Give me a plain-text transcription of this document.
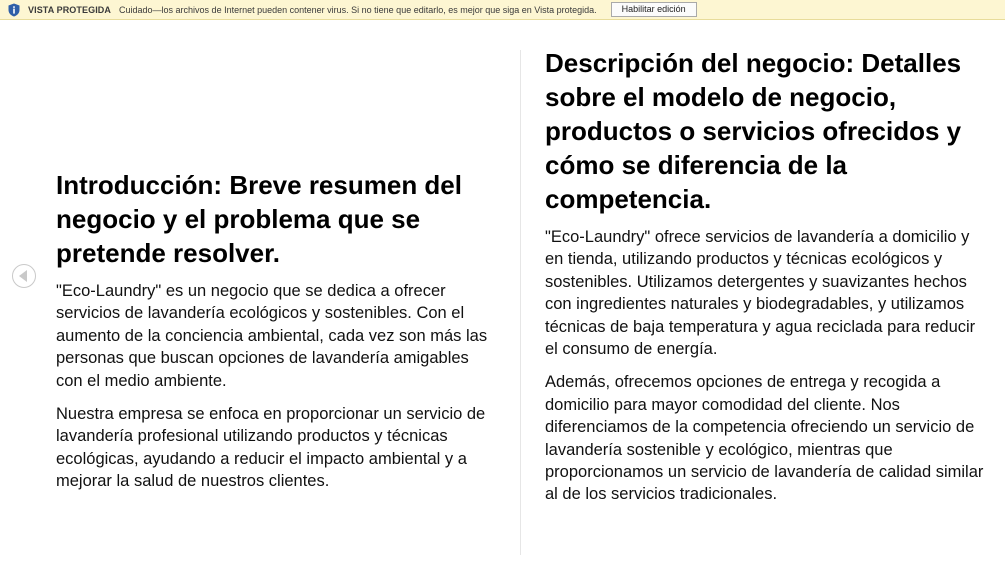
VISTA PROTEGIDA Cuidado—los archivos de Internet pueden contener virus. Si no tiene que editarlo, es mejor que siga en Vista protegida.	Habilitar edición
Introducción: Breve resumen del negocio y el problema que se pretende resolver.

"Eco-Laundry" es un negocio que se dedica a ofrecer servicios de lavandería ecológicos y sostenibles. Con el aumento de la conciencia ambiental, cada vez son más las personas que buscan opciones de lavandería amigables con el medio ambiente.

Nuestra empresa se enfoca en proporcionar un servicio de lavandería profesional utilizando productos y técnicas ecológicas, ayudando a reducir el impacto ambiental y a mejorar la salud de nuestros clientes.

Descripción del negocio: Detalles sobre el modelo de negocio, productos o servicios ofrecidos y cómo se diferencia de la competencia.

"Eco-Laundry" ofrece servicios de lavandería a domicilio y en tienda, utilizando productos y técnicas ecológicos y sostenibles. Utilizamos detergentes y suavizantes hechos con ingredientes naturales y biodegradables, y utilizamos técnicas de baja temperatura y agua reciclada para reducir el consumo de energía.

Además, ofrecemos opciones de entrega y recogida a domicilio para mayor comodidad del cliente. Nos diferenciamos de la competencia ofreciendo un servicio de lavandería sostenible y ecológico, mientras que proporcionamos un servicio de lavandería de calidad similar al de los servicios tradicionales.
